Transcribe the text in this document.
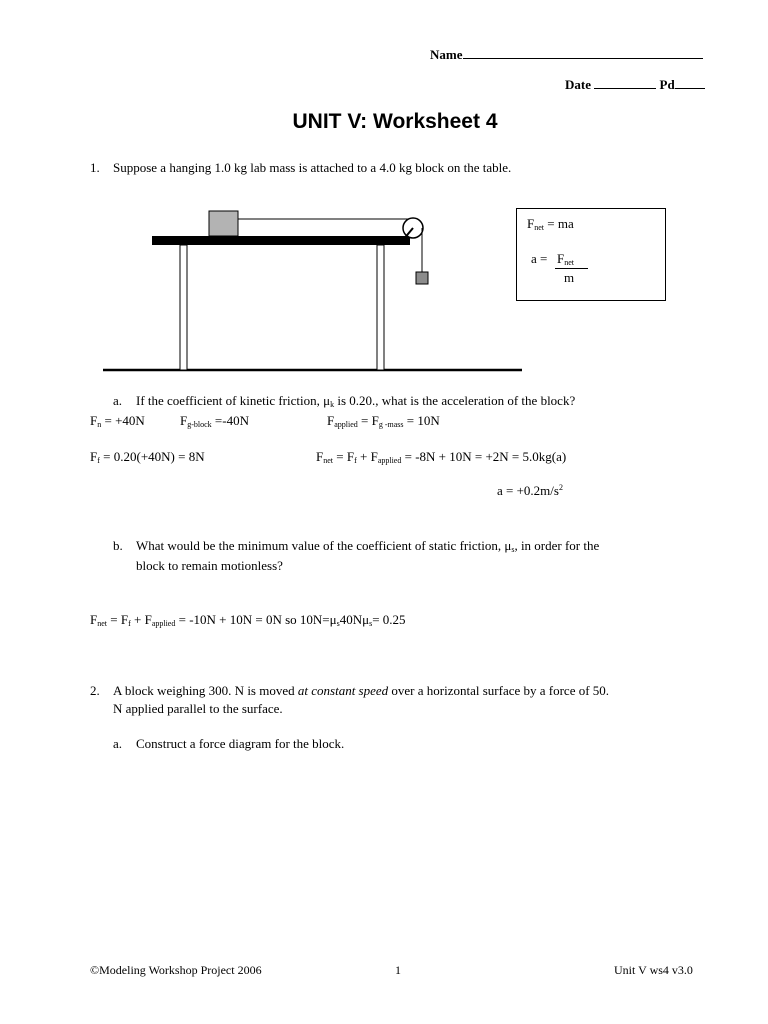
Name
Date	Pd
UNIT V: Worksheet 4
1. Suppose a hanging 1.0 kg lab mass is attached to a 4.0 kg block on the table.
$F_{net}$ = ma
$a = F_{net}$
m
a. If the coefficient of kinetic friction, $\mu_k$ is 0.20., what is the acceleration of the block?
$F_n = +40N$	$F_{g-block} =-40N$	$F_{applied} = F_{g -mass} = 10N$
$F_f = 0.20(+40N) = 8N$	$F_{net} = F_f + F_{applied} = -8N + 10N = +2N = 5.0kg(a)$
$a = +0.2m/s^2$
b. What would be the minimum value of the coefficient of static friction, $\mu_s$, in order for the
block to remain motionless?
$F_{net} = F_f + F_{applied} = -10N + 10N = 0N$ so $10N=\mu_s40N\mu_s= 0.25$
2. A block weighing 300. N is moved at constant speed over a horizontal surface by a force of 50.
N applied parallel to the surface.
a. Construct a force diagram for the block.
©Modeling Workshop Project 2006	1	Unit V ws4 v3.0
